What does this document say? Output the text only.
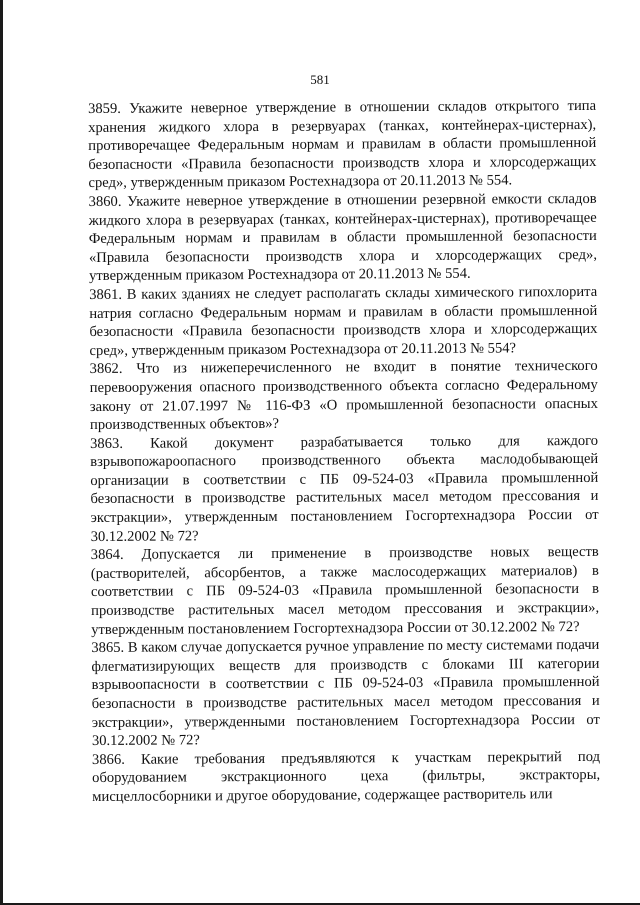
581

3859. Укажите неверное утверждение в отношении складов открытого типа хранения жидкого хлора в резервуарах (танках, контейнерах-цистернах), противоречащее Федеральным нормам и правилам в области промышленной безопасности «Правила безопасности производств хлора и хлорсодержащих сред», утвержденным приказом Ростехнадзора от 20.11.2013 № 554.

3860. Укажите неверное утверждение в отношении резервной емкости складов жидкого хлора в резервуарах (танках, контейнерах-цистернах), противоречащее Федеральным нормам и правилам в области промышленной безопасности «Правила безопасности производств хлора и хлорсодержащих сред», утвержденным приказом Ростехнадзора от 20.11.2013 № 554.

3861. В каких зданиях не следует располагать склады химического гипохлорита натрия согласно Федеральным нормам и правилам в области промышленной безопасности «Правила безопасности производств хлора и хлорсодержащих сред», утвержденным приказом Ростехнадзора от 20.11.2013 № 554?

3862. Что из нижеперечисленного не входит в понятие технического перевооружения опасного производственного объекта согласно Федеральному закону от 21.07.1997 № 116-ФЗ «О промышленной безопасности опасных производственных объектов»?

3863. Какой документ разрабатывается только для каждого взрывопожароопасного производственного объекта маслодобывающей организации в соответствии с ПБ 09-524-03 «Правила промышленной безопасности в производстве растительных масел методом прессования и экстракции», утвержденным постановлением Госгортехнадзора России от 30.12.2002 № 72?

3864. Допускается ли применение в производстве новых веществ (растворителей, абсорбентов, а также маслосодержащих материалов) в соответствии с ПБ 09-524-03 «Правила промышленной безопасности в производстве растительных масел методом прессования и экстракции», утвержденным постановлением Госгортехнадзора России от 30.12.2002 № 72?

3865. В каком случае допускается ручное управление по месту системами подачи флегматизирующих веществ для производств с блоками III категории взрывоопасности в соответствии с ПБ 09-524-03 «Правила промышленной безопасности в производстве растительных масел методом прессования и экстракции», утвержденными постановлением Госгортехнадзора России от 30.12.2002 № 72?

3866. Какие требования предъявляются к участкам перекрытий под оборудованием экстракционного цеха (фильтры, экстракторы, мисцеллосборники и другое оборудование, содержащее растворитель или
